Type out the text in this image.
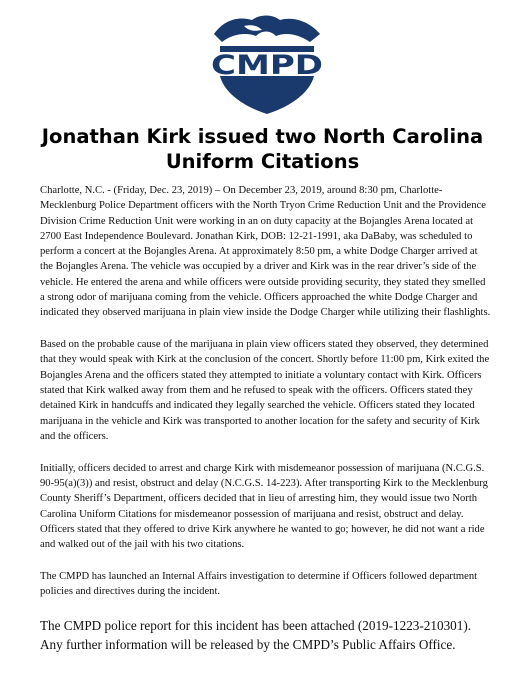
CMPD
Jonathan Kirk issued two North Carolina Uniform Citations

Charlotte, N.C. - (Friday, Dec. 23, 2019) – On December 23, 2019, around 8:30 pm, Charlotte-Mecklenburg Police Department officers with the North Tryon Crime Reduction Unit and the Providence Division Crime Reduction Unit were working in an on duty capacity at the Bojangles Arena located at 2700 East Independence Boulevard. Jonathan Kirk, DOB: 12-21-1991, aka DaBaby, was scheduled to perform a concert at the Bojangles Arena. At approximately 8:50 pm, a white Dodge Charger arrived at the Bojangles Arena. The vehicle was occupied by a driver and Kirk was in the rear driver’s side of the vehicle. He entered the arena and while officers were outside providing security, they stated they smelled a strong odor of marijuana coming from the vehicle. Officers approached the white Dodge Charger and indicated they observed marijuana in plain view inside the Dodge Charger while utilizing their flashlights.

Based on the probable cause of the marijuana in plain view officers stated they observed, they determined that they would speak with Kirk at the conclusion of the concert. Shortly before 11:00 pm, Kirk exited the Bojangles Arena and the officers stated they attempted to initiate a voluntary contact with Kirk. Officers stated that Kirk walked away from them and he refused to speak with the officers. Officers stated they detained Kirk in handcuffs and indicated they legally searched the vehicle. Officers stated they located marijuana in the vehicle and Kirk was transported to another location for the safety and security of Kirk and the officers.

Initially, officers decided to arrest and charge Kirk with misdemeanor possession of marijuana (N.C.G.S. 90-95(a)(3)) and resist, obstruct and delay (N.C.G.S. 14-223). After transporting Kirk to the Mecklenburg County Sheriff’s Department, officers decided that in lieu of arresting him, they would issue two North Carolina Uniform Citations for misdemeanor possession of marijuana and resist, obstruct and delay. Officers stated that they offered to drive Kirk anywhere he wanted to go; however, he did not want a ride and walked out of the jail with his two citations.

The CMPD has launched an Internal Affairs investigation to determine if Officers followed department policies and directives during the incident.

The CMPD police report for this incident has been attached (2019-1223-210301). Any further information will be released by the CMPD’s Public Affairs Office.
